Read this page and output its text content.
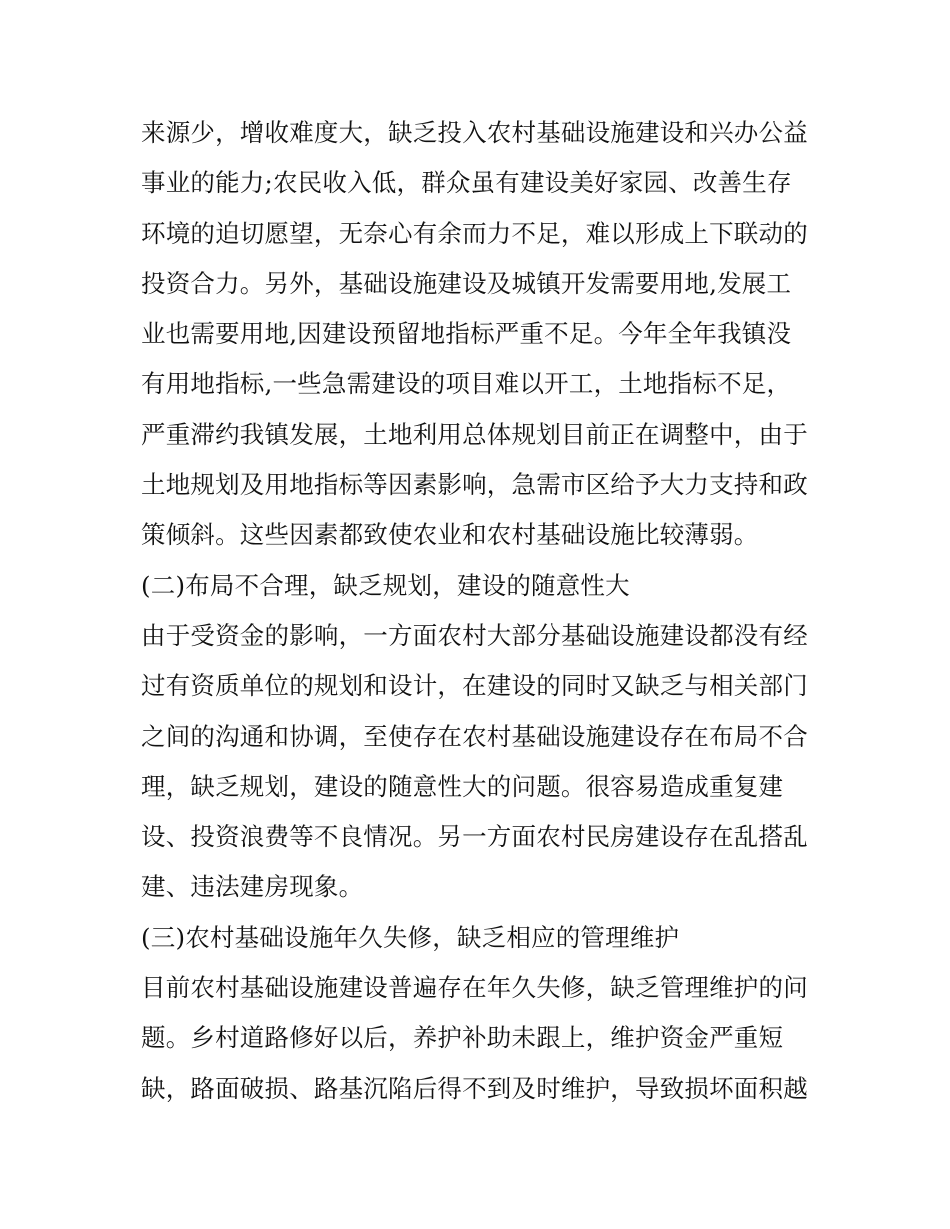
来源少，增收难度大，缺乏投入农村基础设施建设和兴办公益
事业的能力;农民收入低，群众虽有建设美好家园、改善生存
环境的迫切愿望，无奈心有余而力不足，难以形成上下联动的
投资合力。另外，基础设施建设及城镇开发需要用地,发展工
业也需要用地,因建设预留地指标严重不足。今年全年我镇没
有用地指标,一些急需建设的项目难以开工，土地指标不足，
严重滞约我镇发展，土地利用总体规划目前正在调整中，由于
土地规划及用地指标等因素影响，急需市区给予大力支持和政
策倾斜。这些因素都致使农业和农村基础设施比较薄弱。
(二)布局不合理，缺乏规划，建设的随意性大
由于受资金的影响，一方面农村大部分基础设施建设都没有经
过有资质单位的规划和设计，在建设的同时又缺乏与相关部门
之间的沟通和协调，至使存在农村基础设施建设存在布局不合
理，缺乏规划，建设的随意性大的问题。很容易造成重复建
设、投资浪费等不良情况。另一方面农村民房建设存在乱搭乱
建、违法建房现象。
(三)农村基础设施年久失修，缺乏相应的管理维护
目前农村基础设施建设普遍存在年久失修，缺乏管理维护的问
题。乡村道路修好以后，养护补助未跟上，维护资金严重短
缺，路面破损、路基沉陷后得不到及时维护，导致损坏面积越
